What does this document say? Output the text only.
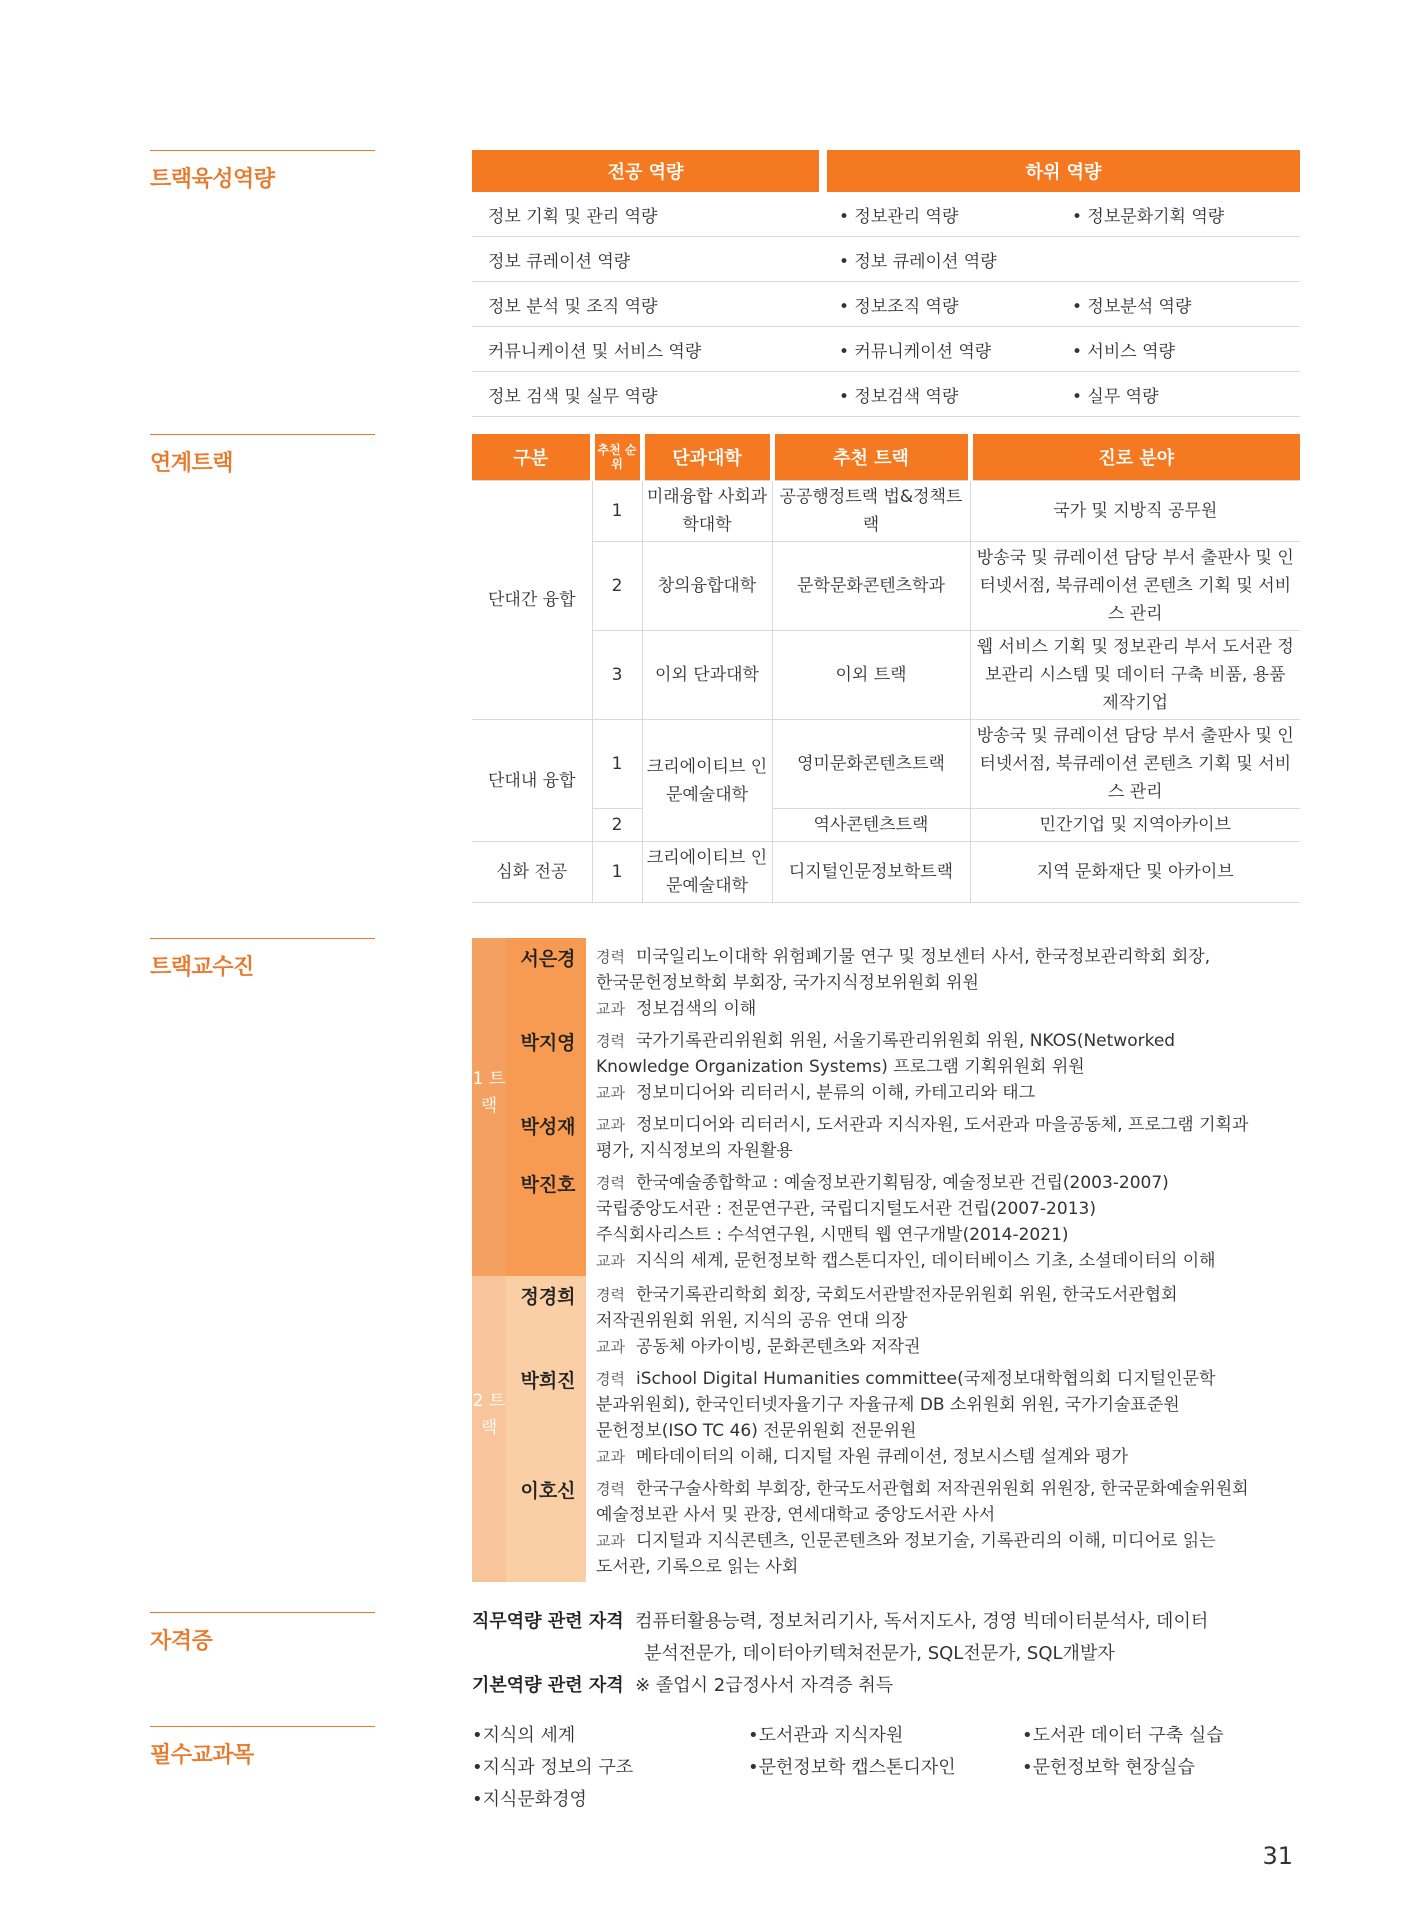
트랙육성역량
연계트랙
트랙교수진
자격증
필수교과목
전공 역량		하위 역량	
정보 기획 및 관리 역량		• 정보관리 역량	• 정보문화기획 역량
정보 큐레이션 역량		• 정보 큐레이션 역량	
정보 분석 및 조직 역량		• 정보조직 역량	• 정보분석 역량
커뮤니케이션 및 서비스 역량		• 커뮤니케이션 역량	• 서비스 역량
정보 검색 및 실무 역량		• 정보검색 역량	• 실무 역량
구분	추천 순위	단과대학	추천 트랙	진로 분야
단대간 융합	1	미래융합 사회과학대학	공공행정트랙 법&정책트랙	국가 및 지방직 공무원
	2	창의융합대학	문학문화콘텐츠학과	방송국 및 큐레이션 담당 부서 출판사 및 인터넷서점, 북큐레이션 콘텐츠 기획 및 서비스 관리
	3	이외 단과대학	이외 트랙	웹 서비스 기획 및 정보관리 부서 도서관 정보관리 시스템 및 데이터 구축 비품, 용품 제작기업
단대내 융합	1	크리에이티브 인문예술대학	영미문화콘텐츠트랙	방송국 및 큐레이션 담당 부서 출판사 및 인터넷서점, 북큐레이션 콘텐츠 기획 및 서비스 관리
	2		역사콘텐츠트랙	민간기업 및 지역아카이브
심화 전공	1	크리에이티브 인문예술대학	디지털인문정보학트랙	지역 문화재단 및 아카이브
1 트 랙
2 트 랙
서은경	경력 미국일리노이대학 위험폐기물 연구 및 정보센터 사서, 한국정보관리학회 회장,
한국문헌정보학회 부회장, 국가지식정보위원회 위원
교과 정보검색의 이해
박지영	경력 국가기록관리위원회 위원, 서울기록관리위원회 위원, NKOS(Networked
Knowledge Organization Systems) 프로그램 기획위원회 위원
교과 정보미디어와 리터러시, 분류의 이해, 카테고리와 태그
박성재	교과 정보미디어와 리터러시, 도서관과 지식자원, 도서관과 마을공동체, 프로그램 기획과
평가, 지식정보의 자원활용
박진호	경력 한국예술종합학교 : 예술정보관기획팀장, 예술정보관 건립(2003-2007)
국립중앙도서관 : 전문연구관, 국립디지털도서관 건립(2007-2013)
주식회사리스트 : 수석연구원, 시맨틱 웹 연구개발(2014-2021)
교과 지식의 세계, 문헌정보학 캡스톤디자인, 데이터베이스 기초, 소셜데이터의 이해
정경희	경력 한국기록관리학회 회장, 국회도서관발전자문위원회 위원, 한국도서관협회
저작권위원회 위원, 지식의 공유 연대 의장
교과 공동체 아카이빙, 문화콘텐츠와 저작권
박희진	경력 iSchool Digital Humanities committee(국제정보대학협의회 디지털인문학
분과위원회), 한국인터넷자율기구 자율규제 DB 소위원회 위원, 국가기술표준원
문헌정보(ISO TC 46) 전문위원회 전문위원
교과 메타데이터의 이해, 디지털 자원 큐레이션, 정보시스템 설계와 평가
이호신	경력 한국구술사학회 부회장, 한국도서관협회 저작권위원회 위원장, 한국문화예술위원회
예술정보관 사서 및 관장, 연세대학교 중앙도서관 사서
교과 디지털과 지식콘텐츠, 인문콘텐츠와 정보기술, 기록관리의 이해, 미디어로 읽는
도서관, 기록으로 읽는 사회
직무역량 관련 자격 컴퓨터활용능력, 정보처리기사, 독서지도사, 경영 빅데이터분석사, 데이터
분석전문가, 데이터아키텍쳐전문가, SQL전문가, SQL개발자
기본역량 관련 자격 ※ 졸업시 2급정사서 자격증 취득
•지식의 세계
•지식과 정보의 구조
•지식문화경영
•도서관과 지식자원
•문헌정보학 캡스톤디자인
•도서관 데이터 구축 실습
•문헌정보학 현장실습
31
